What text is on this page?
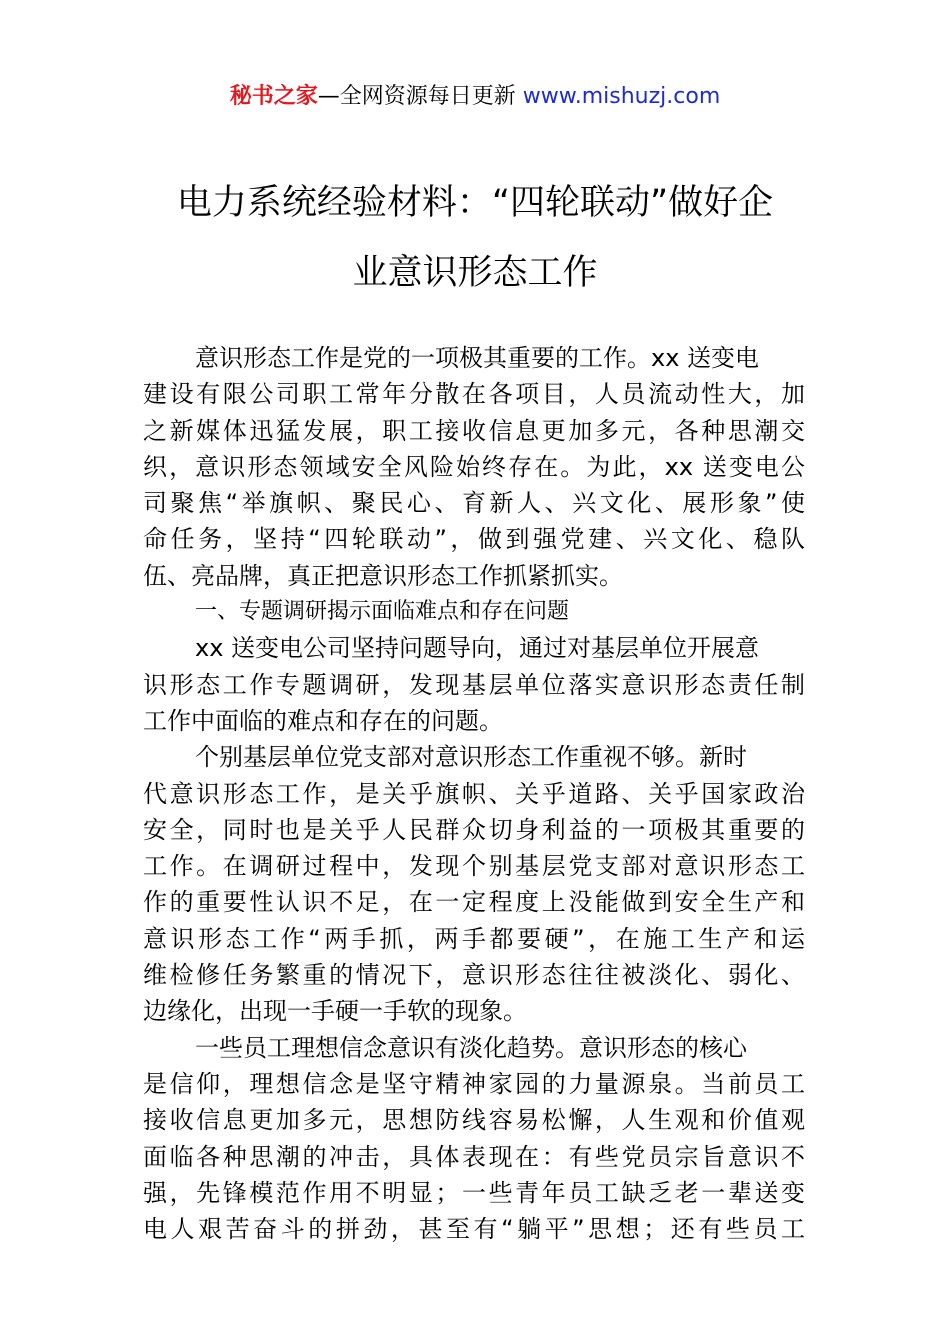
秘书之家—全网资源每日更新 www.mishuzj.com
电力系统经验材料：“四轮联动”做好企
业意识形态工作
意识形态工作是党的一项极其重要的工作。xx 送变电
建设有限公司职工常年分散在各项目，人员流动性大，加
之新媒体迅猛发展，职工接收信息更加多元，各种思潮交
织，意识形态领域安全风险始终存在。为此，xx 送变电公
司聚焦“举旗帜、聚民心、育新人、兴文化、展形象”使
命任务，坚持“四轮联动”，做到强党建、兴文化、稳队
伍、亮品牌，真正把意识形态工作抓紧抓实。
一、专题调研揭示面临难点和存在问题
xx 送变电公司坚持问题导向，通过对基层单位开展意
识形态工作专题调研，发现基层单位落实意识形态责任制
工作中面临的难点和存在的问题。
个别基层单位党支部对意识形态工作重视不够。新时
代意识形态工作，是关乎旗帜、关乎道路、关乎国家政治
安全，同时也是关乎人民群众切身利益的一项极其重要的
工作。在调研过程中，发现个别基层党支部对意识形态工
作的重要性认识不足，在一定程度上没能做到安全生产和
意识形态工作“两手抓，两手都要硬”，在施工生产和运
维检修任务繁重的情况下，意识形态往往被淡化、弱化、
边缘化，出现一手硬一手软的现象。
一些员工理想信念意识有淡化趋势。意识形态的核心
是信仰，理想信念是坚守精神家园的力量源泉。当前员工
接收信息更加多元，思想防线容易松懈，人生观和价值观
面临各种思潮的冲击，具体表现在：有些党员宗旨意识不
强，先锋模范作用不明显；一些青年员工缺乏老一辈送变
电人艰苦奋斗的拼劲，甚至有“躺平”思想；还有些员工
